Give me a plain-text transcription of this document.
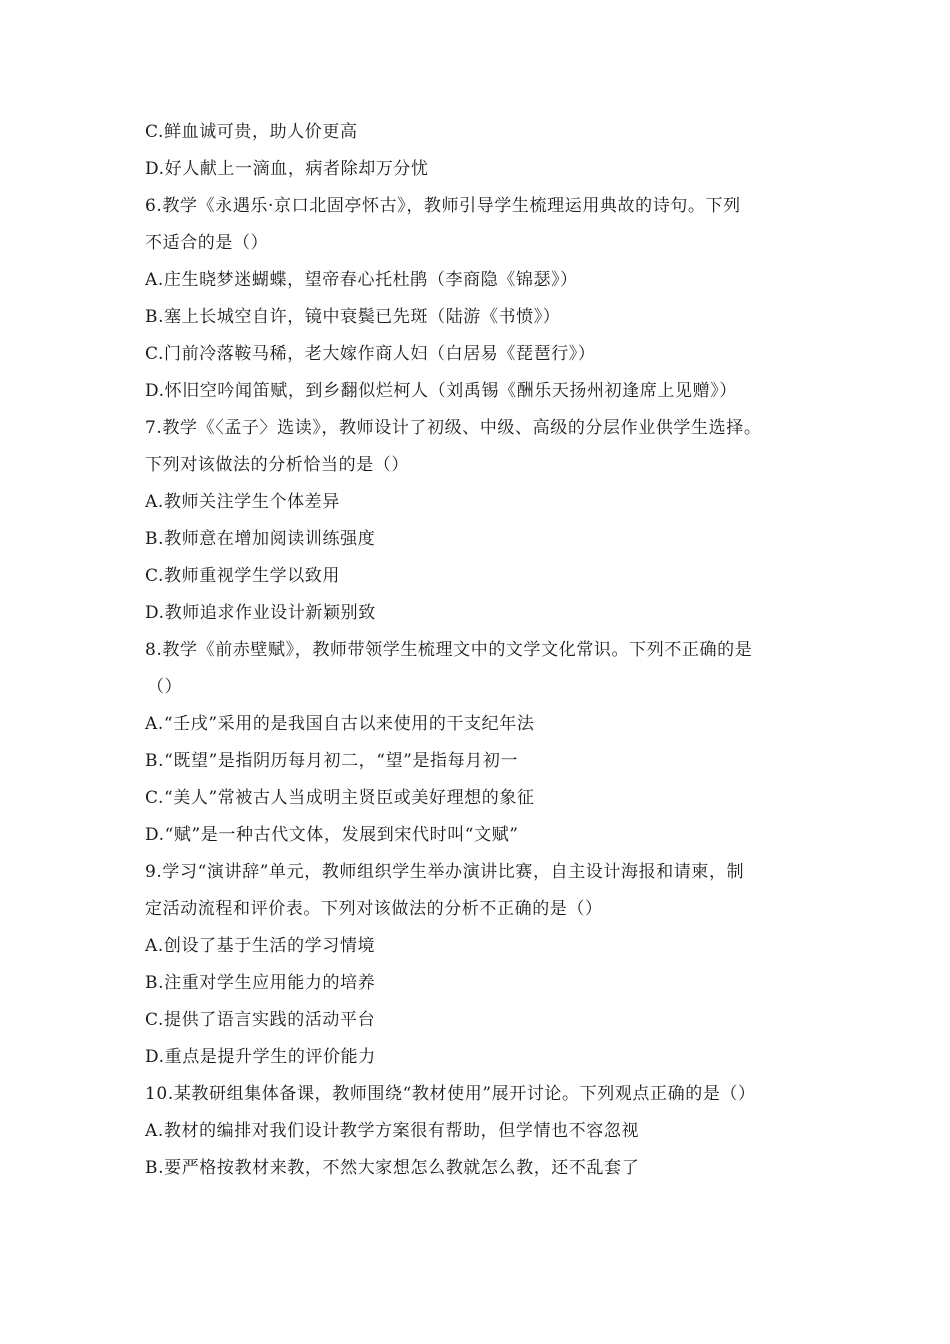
C.鲜血诚可贵，助人价更高
D.好人献上一滴血，病者除却万分忧
6.教学《永遇乐·京口北固亭怀古》，教师引导学生梳理运用典故的诗句。下列
不适合的是（）
A.庄生晓梦迷蝴蝶，望帝春心托杜鹃（李商隐《锦瑟》）
B.塞上长城空自许，镜中衰鬓已先斑（陆游《书愤》）
C.门前冷落鞍马稀，老大嫁作商人妇（白居易《琵琶行》）
D.怀旧空吟闻笛赋，到乡翻似烂柯人（刘禹锡《酬乐天扬州初逢席上见赠》）
7.教学《〈孟子〉选读》，教师设计了初级、中级、高级的分层作业供学生选择。
下列对该做法的分析恰当的是（）
A.教师关注学生个体差异
B.教师意在增加阅读训练强度
C.教师重视学生学以致用
D.教师追求作业设计新颖别致
8.教学《前赤壁赋》，教师带领学生梳理文中的文学文化常识。下列不正确的是
（）
A.“壬戌”采用的是我国自古以来使用的干支纪年法
B.“既望”是指阴历每月初二，“望”是指每月初一
C.“美人”常被古人当成明主贤臣或美好理想的象征
D.“赋”是一种古代文体，发展到宋代时叫“文赋”
9.学习“演讲辞”单元，教师组织学生举办演讲比赛，自主设计海报和请柬，制
定活动流程和评价表。下列对该做法的分析不正确的是（）
A.创设了基于生活的学习情境
B.注重对学生应用能力的培养
C.提供了语言实践的活动平台
D.重点是提升学生的评价能力
10.某教研组集体备课，教师围绕“教材使用”展开讨论。下列观点正确的是（）
A.教材的编排对我们设计教学方案很有帮助，但学情也不容忽视
B.要严格按教材来教，不然大家想怎么教就怎么教，还不乱套了
